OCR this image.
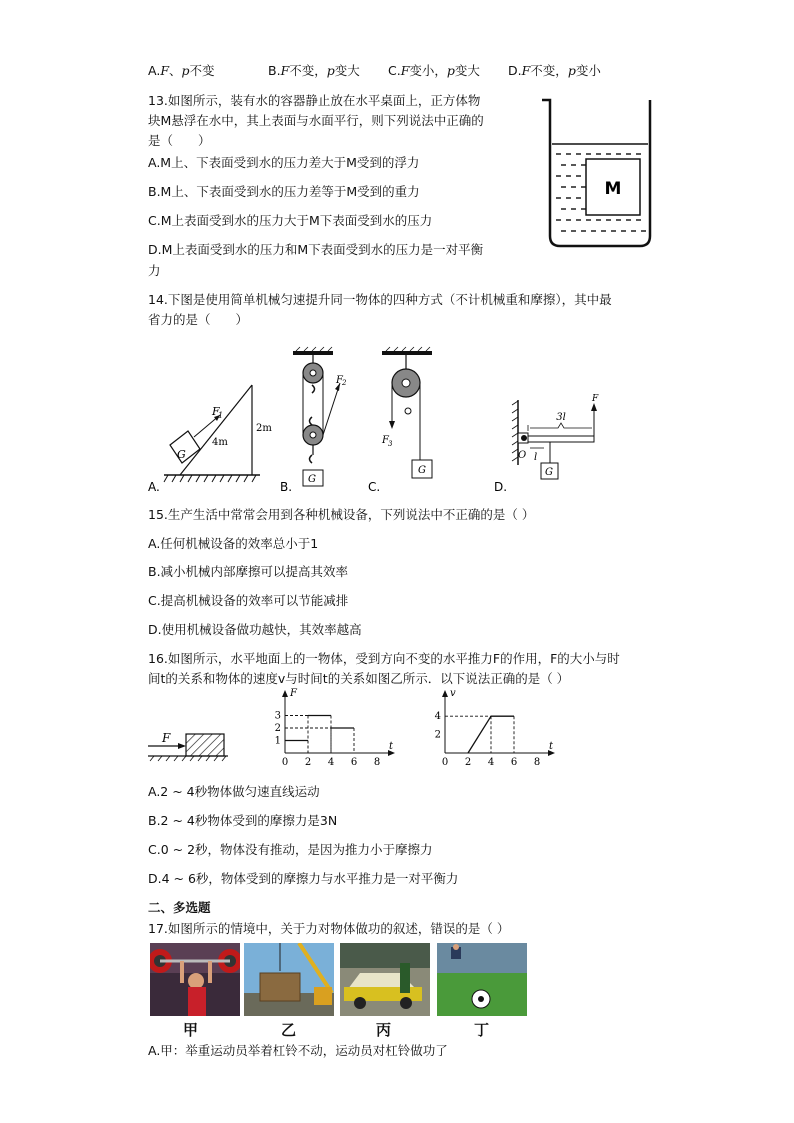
A.F、p不变	B.F不变，p变大 C.F变小，p变大 D.F不变，p变小
13.如图所示，装有水的容器静止放在水平桌面上，正方体物
块M悬浮在水中，其上表面与水面平行，则下列说法中正确的
是（　　）
A.M上、下表面受到水的压力差大于M受到的浮力
B.M上、下表面受到水的压力差等于M受到的重力
C.M上表面受到水的压力大于M下表面受到水的压力
D.M上表面受到水的压力和M下表面受到水的压力是一对平衡
力
M
14.下图是使用简单机械匀速提升同一物体的四种方式（不计机械重和摩擦），其中最
省力的是（　　）
A.
G
F
1
4m
2m
B.
G
F 2
C.
F 3
G
D.
3l
F
O l
G
15.生产生活中常常会用到各种机械设备，下列说法中不正确的是（ ）
A.任何机械设备的效率总小于1
B.减小机械内部摩擦可以提高其效率
C.提高机械设备的效率可以节能减排
D.使用机械设备做功越快，其效率越高
16.如图所示，水平地面上的一物体，受到方向不变的水平推力F的作用，F的大小与时
间t的关系和物体的速度v与时间t的关系如图乙所示．以下说法正确的是（ ）
F
t
F
0 2 4 6 8
1
2
3
t
v
0 2 4 6 8
2
4
A.2 ~ 4秒物体做匀速直线运动
B.2 ~ 4秒物体受到的摩擦力是3N
C.0 ~ 2秒，物体没有推动，是因为推力小于摩擦力
D.4 ~ 6秒，物体受到的摩擦力与水平推力是一对平衡力
二、多选题
17.如图所示的情境中，关于力对物体做功的叙述，错误的是（ ）
甲	乙	丙	丁
A.甲：举重运动员举着杠铃不动，运动员对杠铃做功了
